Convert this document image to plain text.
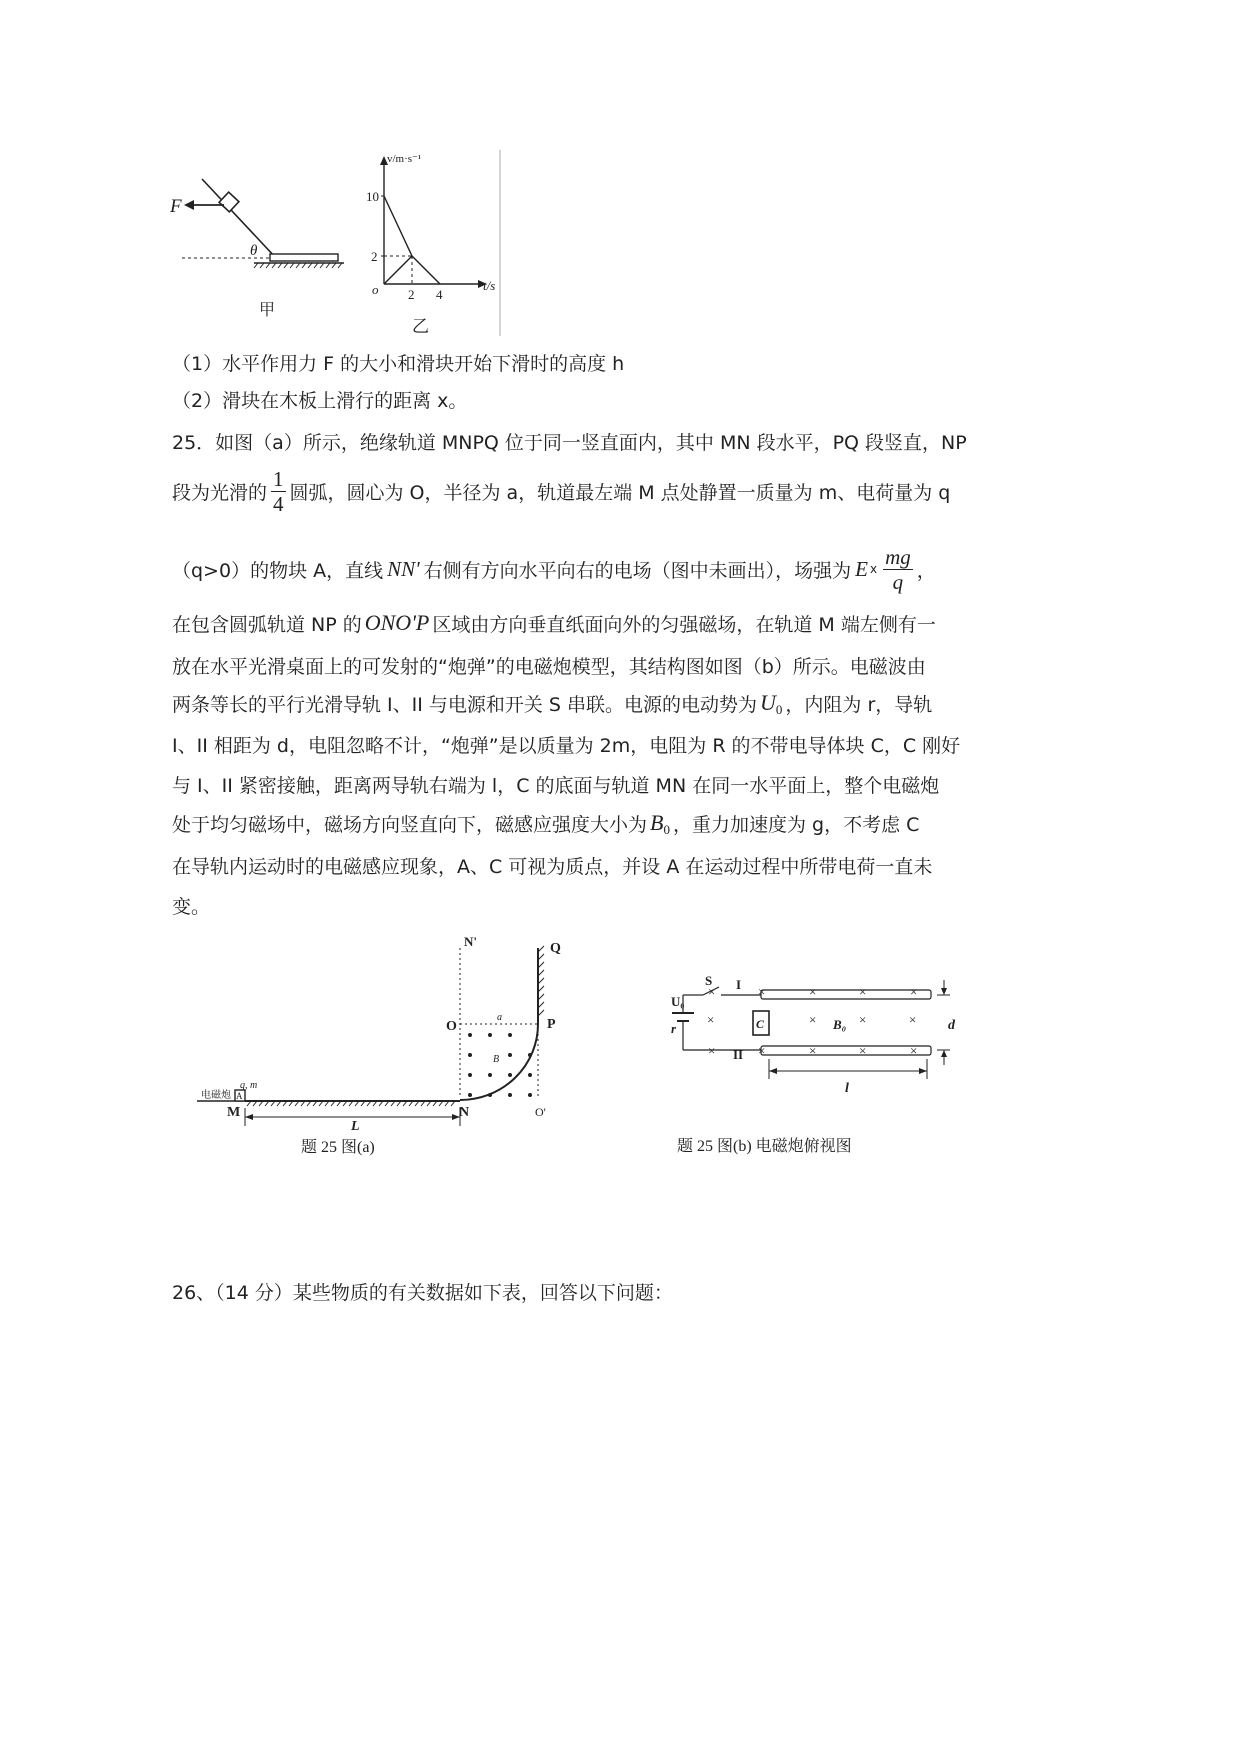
F
θ
甲
v/m·s⁻¹
t/s
o
10
2
2 4
乙
（1）水平作用力 F 的大小和滑块开始下滑时的高度 h
（2）滑块在木板上滑行的距离 x。
25．如图（a）所示，绝缘轨道 MNPQ 位于同一竖直面内，其中 MN 段水平，PQ 段竖直，NP
段为光滑的 $\frac{1}{4}$ 圆弧，圆心为 O，半径为 a，轨道最左端 M 点处静置一质量为 m、电荷量为 q
（q>0）的物块 A，直线 NN' 右侧有方向水平向右的电场（图中未画出），场强为 E ⅹ $\frac{mg}{q}$ ，
在包含圆弧轨道 NP 的 ONO'P 区域由方向垂直纸面向外的匀强磁场，在轨道 M 端左侧有一
放在水平光滑桌面上的可发射的“炮弹”的电磁炮模型，其结构图如图（b）所示。电磁波由
两条等长的平行光滑导轨 I、II 与电源和开关 S 串联。电源的电动势为 U 0 ，内阻为 r，导轨
I、II 相距为 d，电阻忽略不计，“炮弹”是以质量为 2m，电阻为 R 的不带电导体块 C，C 刚好
与 I、II 紧密接触，距离两导轨右端为 l，C 的底面与轨道 MN 在同一水平面上，整个电磁炮
处于均匀磁场中，磁场方向竖直向下，磁感应强度大小为 B 0 ，重力加速度为 g，不考虑 C
在导轨内运动时的电磁感应现象，A、C 可视为质点，并设 A 在运动过程中所带电荷一直未
变。
N'	Q
O
a	P
B
q, m
电磁炮 A
M	N	O'
L
题 25 图(a)
×
×
×
×
×
×
×
×
×
×
×
×
×
×
U₀
r
S I
II
C	B₀	d
l
题 25 图(b) 电磁炮俯视图
26、（14 分）某些物质的有关数据如下表，回答以下问题：
